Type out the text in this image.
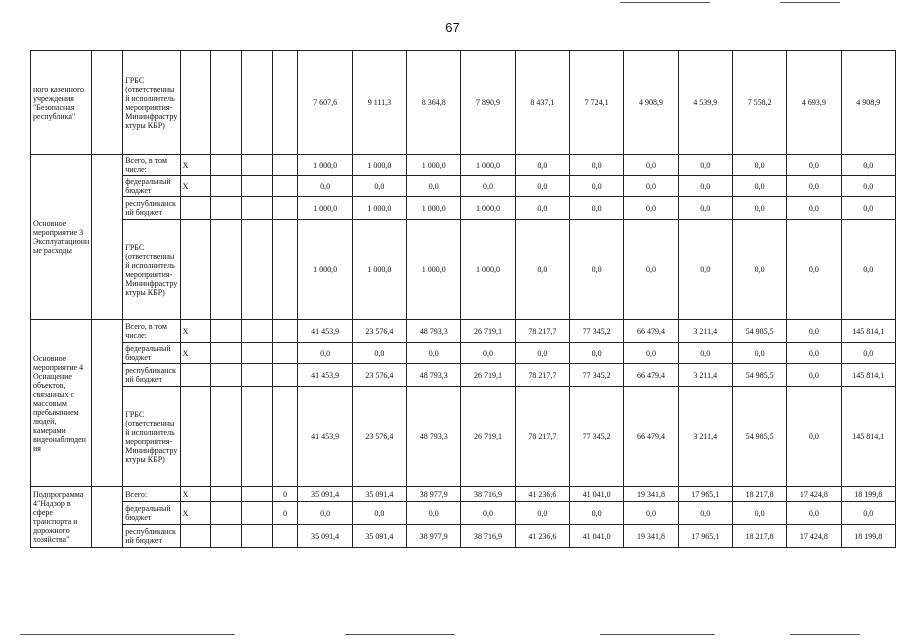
67
ного казенного учреждения "Безопасная республика"		ГРБС (ответственный исполнитель мероприятия-Мининфраструктуры КБР)					7 607,6	9 111,3	8 364,8	7 890,9	8 437,1	7 724,1	4 908,9	4 539,9	7 558,2	4 693,9	4 908,9
Основное мероприятие 3 Эксплуатационные расходы		Всего, в том числе:	X				1 000,0	1 000,0	1 000,0	1 000,0	0,0	0,0	0,0	0,0	0,0	0,0	0,0
		федеральный бюджет	X				0,0	0,0	0,0	0,0	0,0	0,0	0,0	0,0	0,0	0,0	0,0
		республиканский бюджет					1 000,0	1 000,0	1 000,0	1 000,0	0,0	0,0	0,0	0,0	0,0	0,0	0,0
		ГРБС (ответственный исполнитель мероприятия-Мининфраструктуры КБР)					1 000,0	1 000,0	1 000,0	1 000,0	0,0	0,0	0,0	0,0	0,0	0,0	0,0
Основное мероприятие 4 Оснащение объектов, связанных с массовым пребыванием людей, камерами видеонаблюдения		Всего, в том числе:	X				41 453,9	23 576,4	48 793,3	26 719,1	78 217,7	77 345,2	66 479,4	3 211,4	54 985,5	0,0	145 814,1
		федеральный бюджет	X				0,0	0,0	0,0	0,0	0,0	0,0	0,0	0,0	0,0	0,0	0,0
		республиканский бюджет					41 453,9	23 576,4	48 793,3	26 719,1	78 217,7	77 345,2	66 479,4	3 211,4	54 985,5	0,0	145 814,1
		ГРБС (ответственный исполнитель мероприятия-Мининфраструктуры КБР)					41 453,9	23 576,4	48 793,3	26 719,1	78 217,7	77 345,2	66 479,4	3 211,4	54 985,5	0,0	145 814,1
Подпрограмма 4"Надзор в сфере транспорта и дорожного хозяйства"		Всего:	X			0	35 091,4	35 091,4	38 977,9	38 716,9	41 236,6	41 041,0	19 341,8	17 965,1	18 217,8	17 424,8	18 199,8
		федеральный бюджет	X			0	0,0	0,0	0,0	0,0	0,0	0,0	0,0	0,0	0,0	0,0	0,0
		республиканский бюджет					35 091,4	35 091,4	38 977,9	38 716,9	41 236,6	41 041,0	19 341,8	17 965,1	18 217,8	17 424,8	18 199,8
